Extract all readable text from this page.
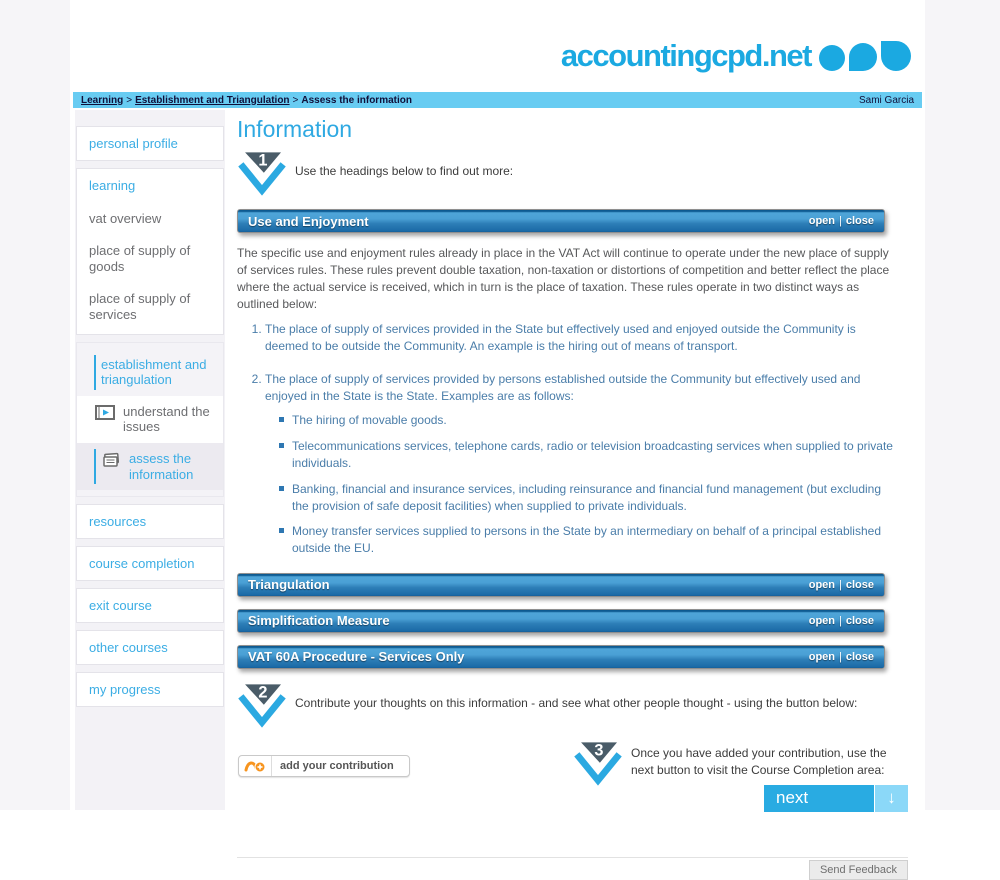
accountingcpd.net
Learning > Establishment and Triangulation > Assess the information	Sami Garcia
personal profile
learning
vat overview
place of supply of goods
place of supply of services
establishment and triangulation
understand the issues
assess the information
resources
course completion
exit course
other courses
my progress
Information
1
Use the headings below to find out more:
Use and Enjoyment	open | close
The specific use and enjoyment rules already in place in the VAT Act will continue to operate under the new place of supply of services rules. These rules prevent double taxation, non-taxation or distortions of competition and better reflect the place where the actual service is received, which in turn is the place of taxation. These rules operate in two distinct ways as outlined below:
1. The place of supply of services provided in the State but effectively used and enjoyed outside the Community is deemed to be outside the Community. An example is the hiring out of means of transport.
2. The place of supply of services provided by persons established outside the Community but effectively used and enjoyed in the State is the State. Examples are as follows:
The hiring of movable goods.
Telecommunications services, telephone cards, radio or television broadcasting services when supplied to private individuals.
Banking, financial and insurance services, including reinsurance and financial fund management (but excluding the provision of safe deposit facilities) when supplied to private individuals.
Money transfer services supplied to persons in the State by an intermediary on behalf of a principal established outside the EU.
Triangulation	open | close
Simplification Measure	open | close
VAT 60A Procedure - Services Only	open | close
2
Contribute your thoughts on this information - and see what other people thought - using the button below:
add your contribution
3	Once you have added your contribution, use the next button to visit the Course Completion area:
next	↓
Send Feedback
